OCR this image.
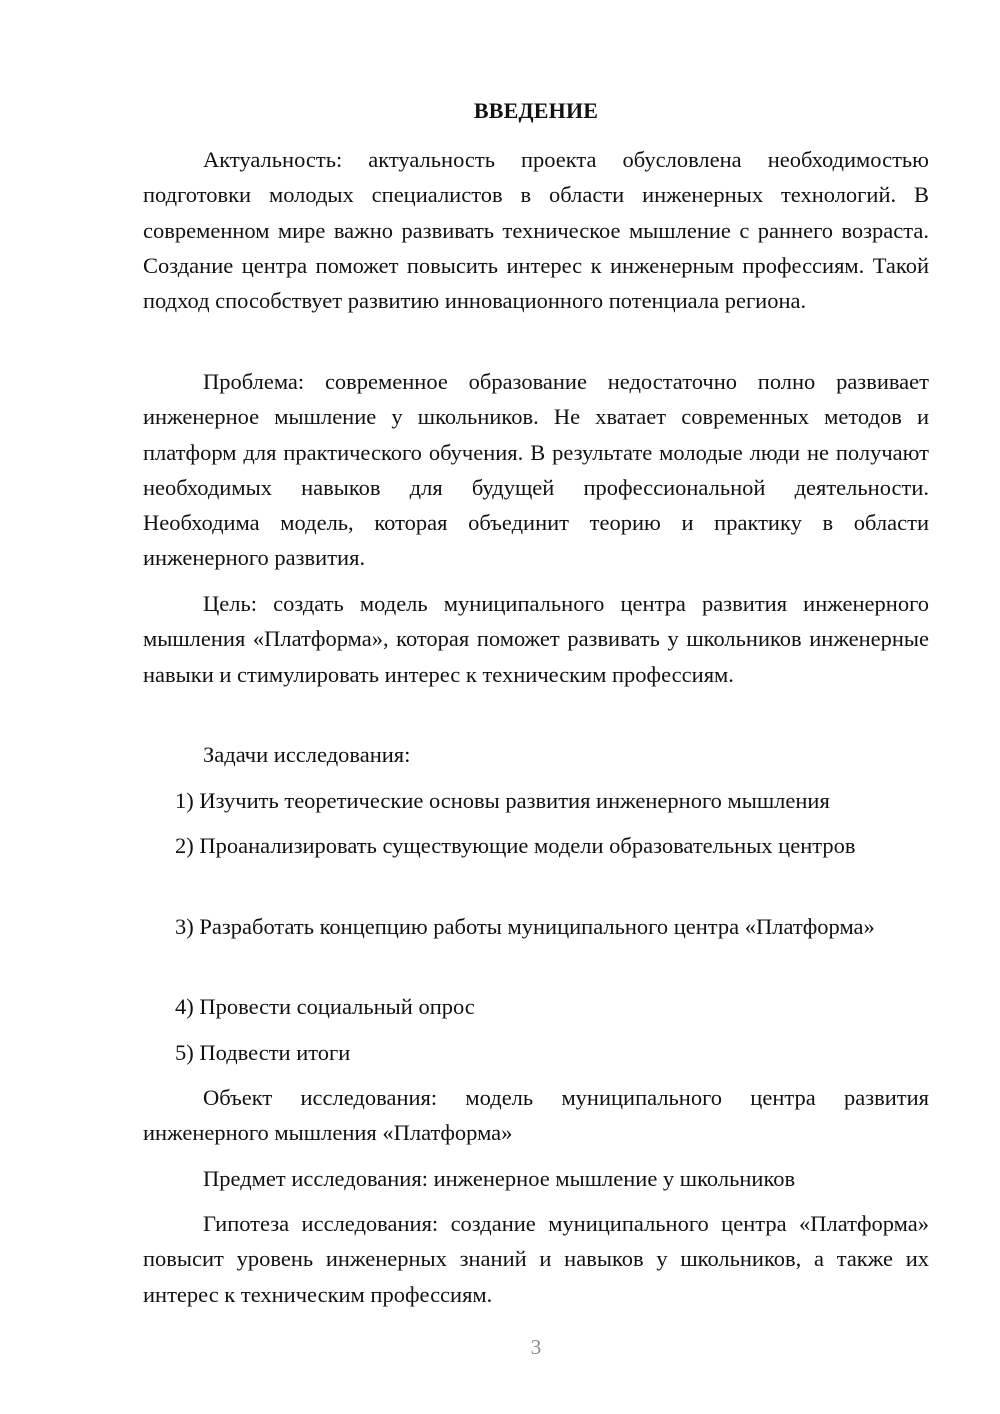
ВВЕДЕНИЕ

Актуальность: актуальность проекта обусловлена необходимостью подготовки молодых специалистов в области инженерных технологий. В современном мире важно развивать техническое мышление с раннего возраста. Создание центра поможет повысить интерес к инженерным профессиям. Такой подход способствует развитию инновационного потенциала региона.

Проблема: современное образование недостаточно полно развивает инженерное мышление у школьников. Не хватает современных методов и платформ для практического обучения. В результате молодые люди не получают необходимых навыков для будущей профессиональной деятельности. Необходима модель, которая объединит теорию и практику в области инженерного развития.

Цель: создать модель муниципального центра развития инженерного мышления «Платформа», которая поможет развивать у школьников инженерные навыки и стимулировать интерес к техническим профессиям.

Задачи исследования:

1) Изучить теоретические основы развития инженерного мышления

2) Проанализировать существующие модели образовательных центров

3) Разработать концепцию работы муниципального центра «Платформа»

4) Провести социальный опрос

5) Подвести итоги

Объект исследования: модель муниципального центра развития инженерного мышления «Платформа»

Предмет исследования: инженерное мышление у школьников

Гипотеза исследования: создание муниципального центра «Платформа» повысит уровень инженерных знаний и навыков у школьников, а также их интерес к техническим профессиям.

3
